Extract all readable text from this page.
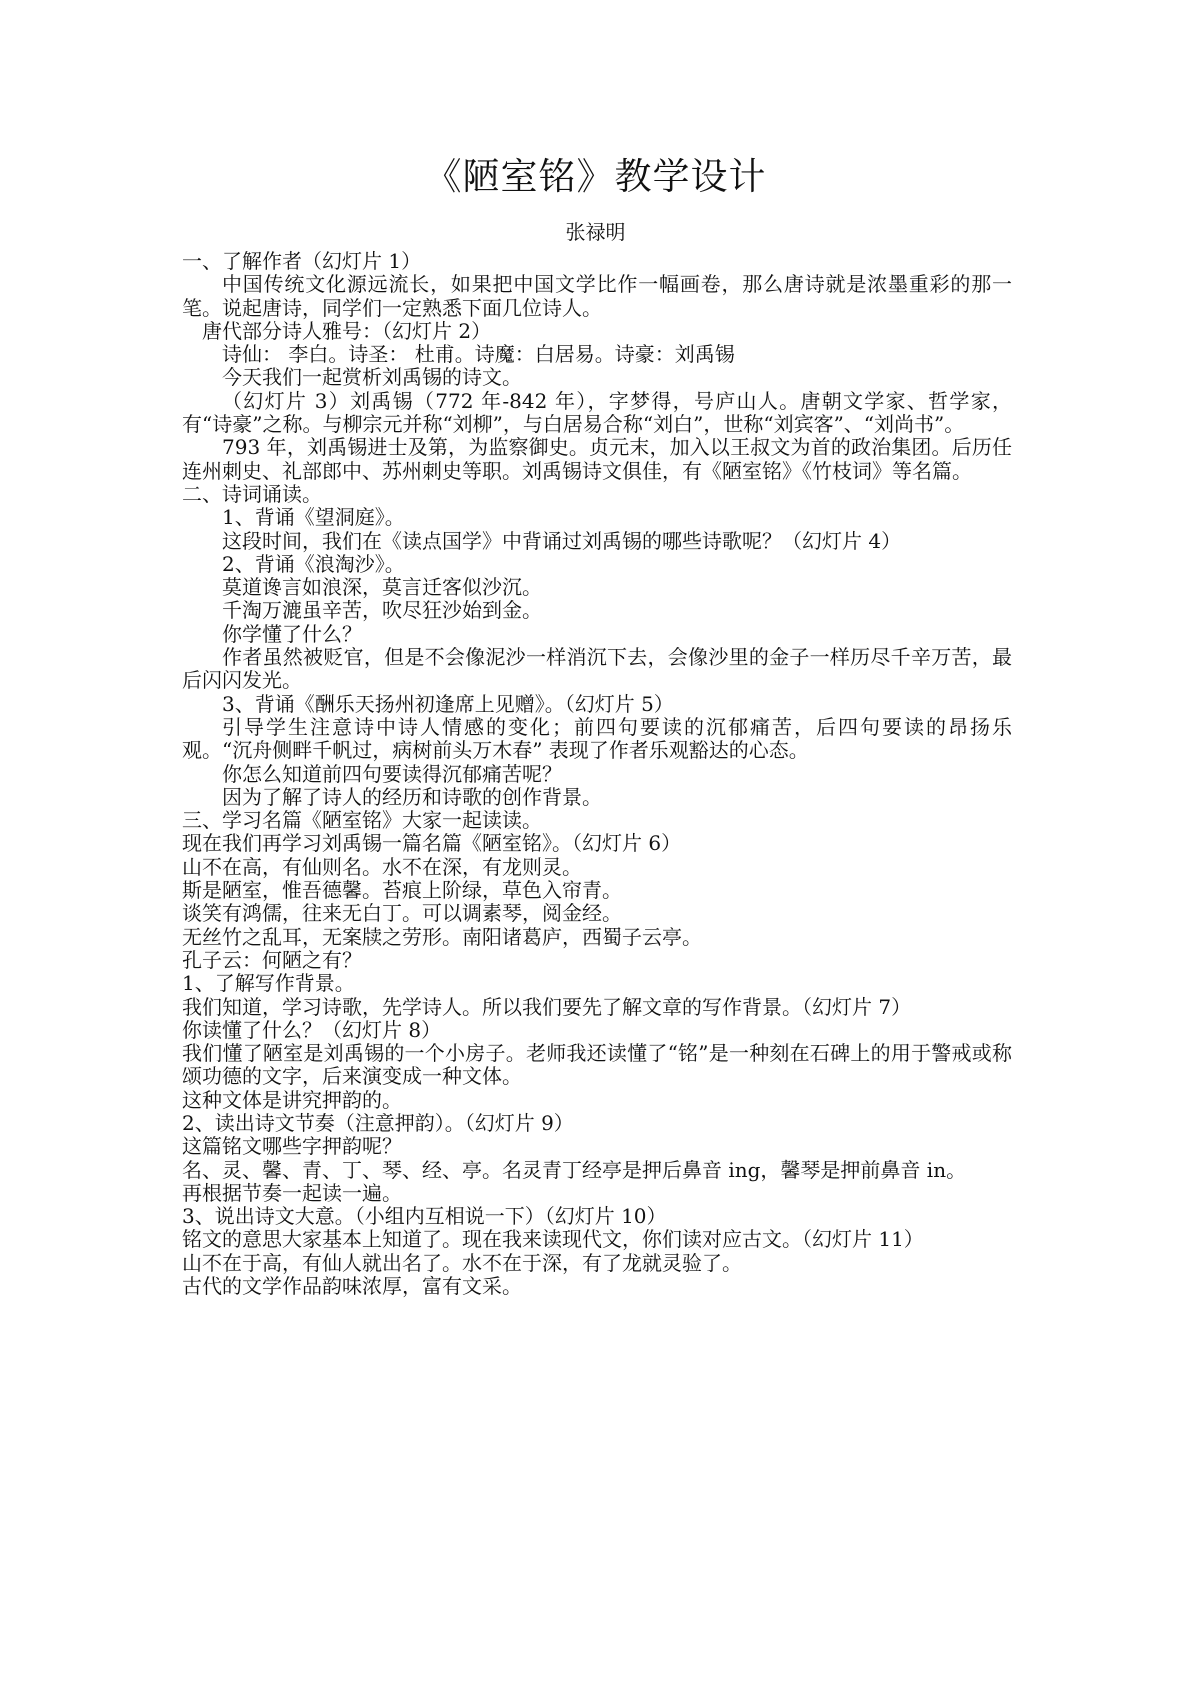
《陋室铭》教学设计
张禄明

一、了解作者（幻灯片 1）

中国传统文化源远流长，如果把中国文学比作一幅画卷，那么唐诗就是浓墨重彩的那一笔。说起唐诗，同学们一定熟悉下面几位诗人。

唐代部分诗人雅号：（幻灯片 2）

诗仙： 李白。诗圣： 杜甫。诗魔：白居易。诗豪：刘禹锡

今天我们一起赏析刘禹锡的诗文。

（幻灯片 3）刘禹锡（772 年-842 年），字梦得，号庐山人。唐朝文学家、哲学家，有“诗豪”之称。与柳宗元并称“刘柳”，与白居易合称“刘白”，世称“刘宾客”、“刘尚书”。

793 年，刘禹锡进士及第，为监察御史。贞元末，加入以王叔文为首的政治集团。后历任连州刺史、礼部郎中、苏州刺史等职。刘禹锡诗文俱佳，有《陋室铭》《竹枝词》等名篇。

二、诗词诵读。

1、背诵《望洞庭》。

这段时间，我们在《读点国学》中背诵过刘禹锡的哪些诗歌呢？（幻灯片 4）

2、背诵《浪淘沙》。

莫道谗言如浪深，莫言迁客似沙沉。

千淘万漉虽辛苦，吹尽狂沙始到金。

你学懂了什么？

作者虽然被贬官，但是不会像泥沙一样消沉下去，会像沙里的金子一样历尽千辛万苦，最后闪闪发光。

3、背诵《酬乐天扬州初逢席上见赠》。（幻灯片 5）

引导学生注意诗中诗人情感的变化；前四句要读的沉郁痛苦，后四句要读的昂扬乐观。“沉舟侧畔千帆过，病树前头万木春” 表现了作者乐观豁达的心态。

你怎么知道前四句要读得沉郁痛苦呢？

因为了解了诗人的经历和诗歌的创作背景。

三、学习名篇《陋室铭》大家一起读读。

现在我们再学习刘禹锡一篇名篇《陋室铭》。（幻灯片 6）

山不在高，有仙则名。水不在深，有龙则灵。

斯是陋室，惟吾德馨。苔痕上阶绿，草色入帘青。

谈笑有鸿儒，往来无白丁。可以调素琴，阅金经。

无丝竹之乱耳，无案牍之劳形。南阳诸葛庐，西蜀子云亭。

孔子云：何陋之有？

1、了解写作背景。

我们知道，学习诗歌，先学诗人。所以我们要先了解文章的写作背景。（幻灯片 7）

你读懂了什么？（幻灯片 8）

我们懂了陋室是刘禹锡的一个小房子。老师我还读懂了“铭”是一种刻在石碑上的用于警戒或称颂功德的文字，后来演变成一种文体。

这种文体是讲究押韵的。

2、读出诗文节奏（注意押韵）。（幻灯片 9）

这篇铭文哪些字押韵呢？

名、灵、馨、青、丁、琴、经、亭。名灵青丁经亭是押后鼻音 ing，馨琴是押前鼻音 in。

再根据节奏一起读一遍。

3、说出诗文大意。（小组内互相说一下）（幻灯片 10）

铭文的意思大家基本上知道了。现在我来读现代文，你们读对应古文。（幻灯片 11）

山不在于高，有仙人就出名了。水不在于深，有了龙就灵验了。

古代的文学作品韵味浓厚，富有文采。
